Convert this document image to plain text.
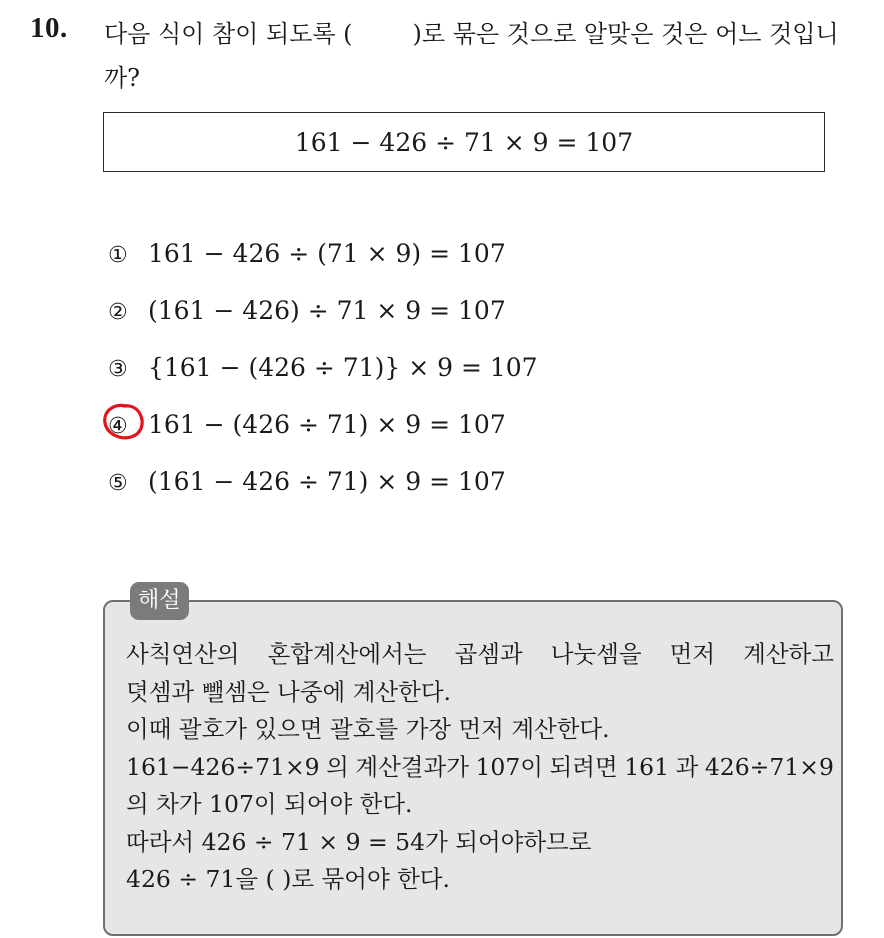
10. 다음 식이 참이 되도록 (	)로 묶은 것으로 알맞은 것은 어느 것입니까?
161 − 426 ÷ 71 × 9 = 107
① 161 − 426 ÷ (71 × 9) = 107
② (161 − 426) ÷ 71 × 9 = 107
③ {161 − (426 ÷ 71)} × 9 = 107
④ 161 − (426 ÷ 71) × 9 = 107
⑤ (161 − 426 ÷ 71) × 9 = 107
해설
사칙연산의 혼합계산에서는 곱셈과 나눗셈을 먼저 계산하고
뎟셈과 뺄셈은 나중에 계산한다.
이때 괄호가 있으면 괄호를 가장 먼저 계산한다.
161−426÷71×9 의 계산결과가 107이 되려면 161 과 426÷71×9
의 차가 107이 되어야 한다.
따라서 426 ÷ 71 × 9 = 54가 되어야하므로
426 ÷ 71을 ( )로 묶어야 한다.
